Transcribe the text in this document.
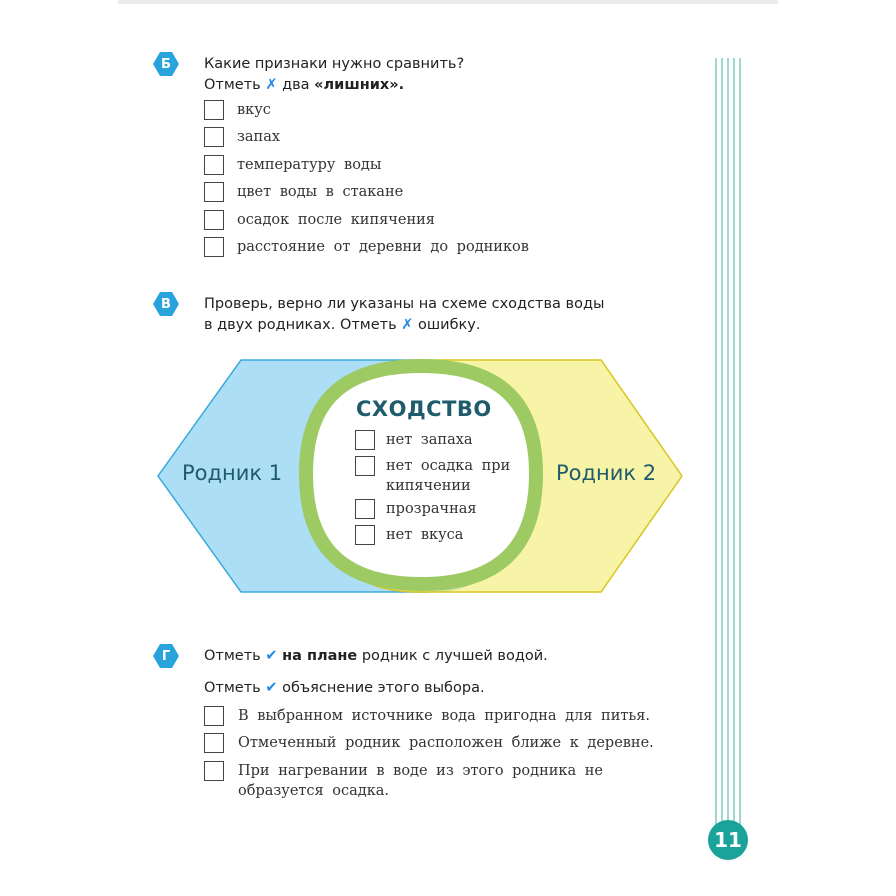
Б	Какие признаки нужно сравнить?
Отметь ✗ два «лишних».
вкус
запах
температуру воды
цвет воды в стакане
осадок после кипячения
расстояние от деревни до родников
В	Проверь, верно ли указаны на схеме сходства воды
в двух родниках. Отметь ✗ ошибку.
Родник 1	Родник 2
СХОДСТВО
нет запаха
нет осадка при кипячении
прозрачная
нет вкуса
Г	Отметь ✔ на плане родник с лучшей водой.
Отметь ✔ объяснение этого выбора.
В выбранном источнике вода пригодна для питья.
Отмеченный родник расположен ближе к деревне.
При нагревании в воде из этого родника не образуется осадка.
11
